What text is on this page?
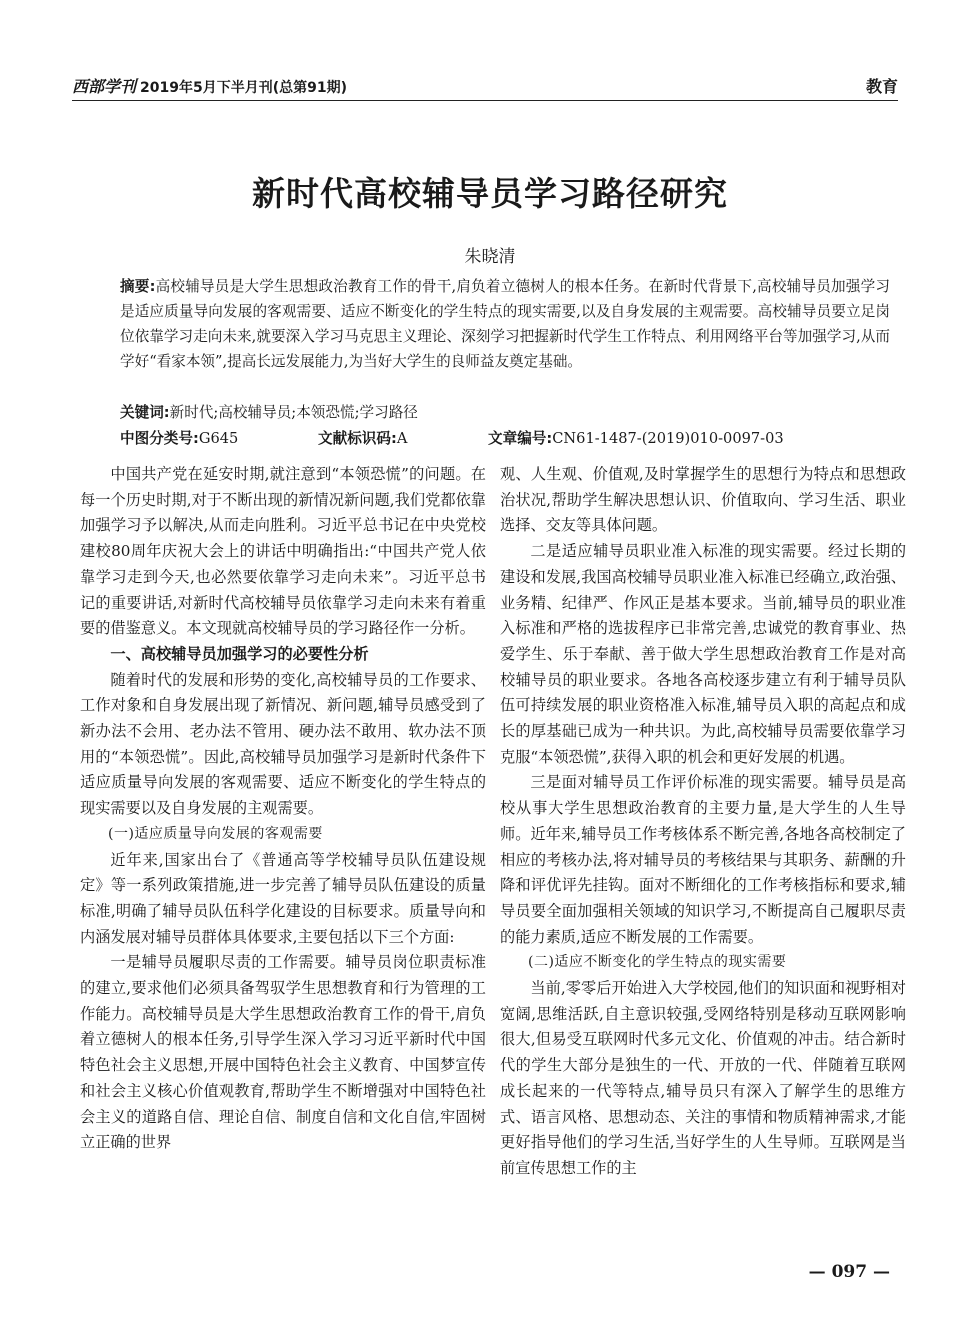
西部学刊 2019年5月下半月刊(总第91期)	教育
新时代高校辅导员学习路径研究
朱晓清
摘要:高校辅导员是大学生思想政治教育工作的骨干,肩负着立德树人的根本任务。在新时代背景下,高校辅导员加强学习是适应质量导向发展的客观需要、适应不断变化的学生特点的现实需要,以及自身发展的主观需要。高校辅导员要立足岗位依靠学习走向未来,就要深入学习马克思主义理论、深刻学习把握新时代学生工作特点、利用网络平台等加强学习,从而学好“看家本领”,提高长远发展能力,为当好大学生的良师益友奠定基础。
关键词:新时代;高校辅导员;本领恐慌;学习路径
中图分类号:G645	文献标识码:A	文章编号:CN61-1487-(2019)010-0097-03

中国共产党在延安时期,就注意到“本领恐慌”的问题。在每一个历史时期,对于不断出现的新情况新问题,我们党都依靠加强学习予以解决,从而走向胜利。习近平总书记在中央党校建校80周年庆祝大会上的讲话中明确指出:“中国共产党人依靠学习走到今天,也必然要依靠学习走向未来”。习近平总书记的重要讲话,对新时代高校辅导员依靠学习走向未来有着重要的借鉴意义。本文现就高校辅导员的学习路径作一分析。

一、高校辅导员加强学习的必要性分析

随着时代的发展和形势的变化,高校辅导员的工作要求、工作对象和自身发展出现了新情况、新问题,辅导员感受到了新办法不会用、老办法不管用、硬办法不敢用、软办法不顶用的“本领恐慌”。因此,高校辅导员加强学习是新时代条件下适应质量导向发展的客观需要、适应不断变化的学生特点的现实需要以及自身发展的主观需要。

(一)适应质量导向发展的客观需要

近年来,国家出台了《普通高等学校辅导员队伍建设规定》等一系列政策措施,进一步完善了辅导员队伍建设的质量标准,明确了辅导员队伍科学化建设的目标要求。质量导向和内涵发展对辅导员群体具体要求,主要包括以下三个方面:

一是辅导员履职尽责的工作需要。辅导员岗位职责标准的建立,要求他们必须具备驾驭学生思想教育和行为管理的工作能力。高校辅导员是大学生思想政治教育工作的骨干,肩负着立德树人的根本任务,引导学生深入学习习近平新时代中国特色社会主义思想,开展中国特色社会主义教育、中国梦宣传和社会主义核心价值观教育,帮助学生不断增强对中国特色社会主义的道路自信、理论自信、制度自信和文化自信,牢固树立正确的世界

观、人生观、价值观,及时掌握学生的思想行为特点和思想政治状况,帮助学生解决思想认识、价值取向、学习生活、职业选择、交友等具体问题。

二是适应辅导员职业准入标准的现实需要。经过长期的建设和发展,我国高校辅导员职业准入标准已经确立,政治强、业务精、纪律严、作风正是基本要求。当前,辅导员的职业准入标准和严格的选拔程序已非常完善,忠诚党的教育事业、热爱学生、乐于奉献、善于做大学生思想政治教育工作是对高校辅导员的职业要求。各地各高校逐步建立有利于辅导员队伍可持续发展的职业资格准入标准,辅导员入职的高起点和成长的厚基础已成为一种共识。为此,高校辅导员需要依靠学习克服“本领恐慌”,获得入职的机会和更好发展的机遇。

三是面对辅导员工作评价标准的现实需要。辅导员是高校从事大学生思想政治教育的主要力量,是大学生的人生导师。近年来,辅导员工作考核体系不断完善,各地各高校制定了相应的考核办法,将对辅导员的考核结果与其职务、薪酬的升降和评优评先挂钩。面对不断细化的工作考核指标和要求,辅导员要全面加强相关领域的知识学习,不断提高自己履职尽责的能力素质,适应不断发展的工作需要。

(二)适应不断变化的学生特点的现实需要

当前,零零后开始进入大学校园,他们的知识面和视野相对宽阔,思维活跃,自主意识较强,受网络特别是移动互联网影响很大,但易受互联网时代多元文化、价值观的冲击。结合新时代的学生大部分是独生的一代、开放的一代、伴随着互联网成长起来的一代等特点,辅导员只有深入了解学生的思维方式、语言风格、思想动态、关注的事情和物质精神需求,才能更好指导他们的学习生活,当好学生的人生导师。互联网是当前宣传思想工作的主

— 097 —
